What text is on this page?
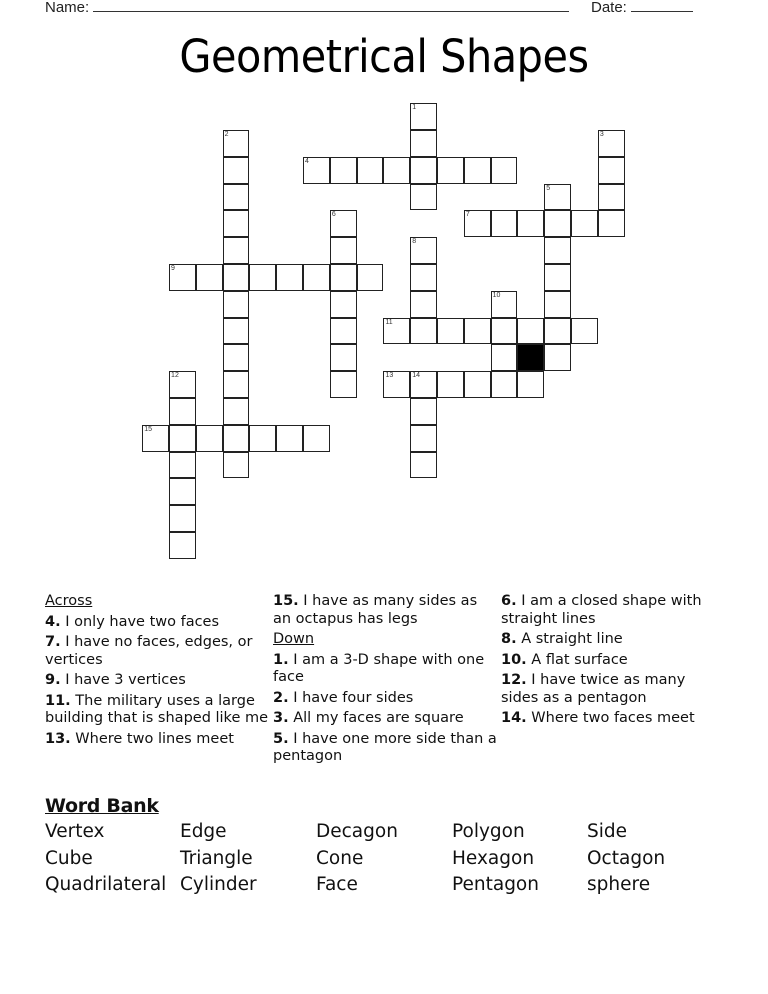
Name:	Date:
Geometrical Shapes
1
2	3
4
5
6	7
8
9
10
11
12	13	14
15
Across
4. I only have two faces
7. I have no faces, edges, or vertices
9. I have 3 vertices
11. The military uses a large building that is shaped like me
13. Where two lines meet
15. I have as many sides as an octapus has legs
Down
1. I am a 3-D shape with one face
2. I have four sides
3. All my faces are square
5. I have one more side than a pentagon
6. I am a closed shape with straight lines
8. A straight line
10. A flat surface
12. I have twice as many sides as a pentagon
14. Where two faces meet
Word Bank
Vertex	Edge	Decagon	Polygon	Side
Cube	Triangle	Cone	Hexagon	Octagon
Quadrilateral Cylinder	Face	Pentagon	sphere
